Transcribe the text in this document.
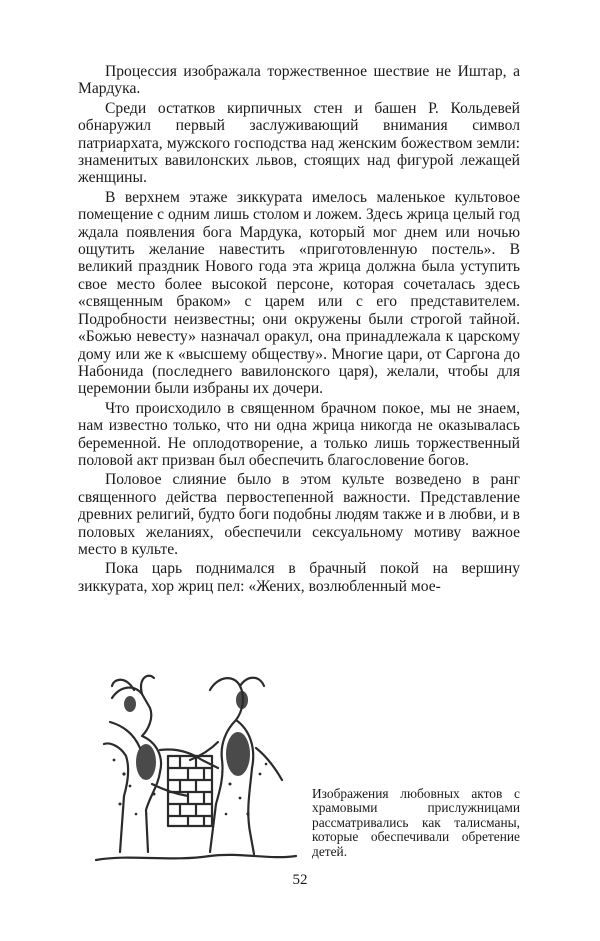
Процессия изображала торжественное шествие не Иштар, а Мардука.

Среди остатков кирпичных стен и башен Р. Кольдевей обнаружил первый заслуживающий внимания символ патриархата, мужского господства над женским божеством земли: знаменитых вавилонских львов, стоящих над фигурой лежащей женщины.

В верхнем этаже зиккурата имелось маленькое культовое помещение с одним лишь столом и ложем. Здесь жрица целый год ждала появления бога Мардука, который мог днем или ночью ощутить желание навестить «приготовленную постель». В великий праздник Нового года эта жрица должна была уступить свое место более высокой персоне, которая сочеталась здесь «священным браком» с царем или с его представителем. Подробности неизвестны; они окружены были строгой тайной. «Божью невесту» назначал оракул, она принадлежала к царскому дому или же к «высшему обществу». Многие цари, от Саргона до Набонида (последнего вавилонского царя), желали, чтобы для церемонии были избраны их дочери.

Что происходило в священном брачном покое, мы не знаем, нам известно только, что ни одна жрица никогда не оказывалась беременной. Не оплодотворение, а только лишь торжественный половой акт призван был обеспечить благословение богов.

Половое слияние было в этом культе возведено в ранг священного действа первостепенной важности. Представление древних религий, будто боги подобны людям также и в любви, и в половых желаниях, обеспечили сексуальному мотиву важное место в культе.

Пока царь поднимался в брачный покой на вершину зиккурата, хор жриц пел: «Жених, возлюбленный мое-

Изображения любовных актов с храмовыми прислужницами рассматривались как талисманы, которые обеспечивали обретение детей.

52
